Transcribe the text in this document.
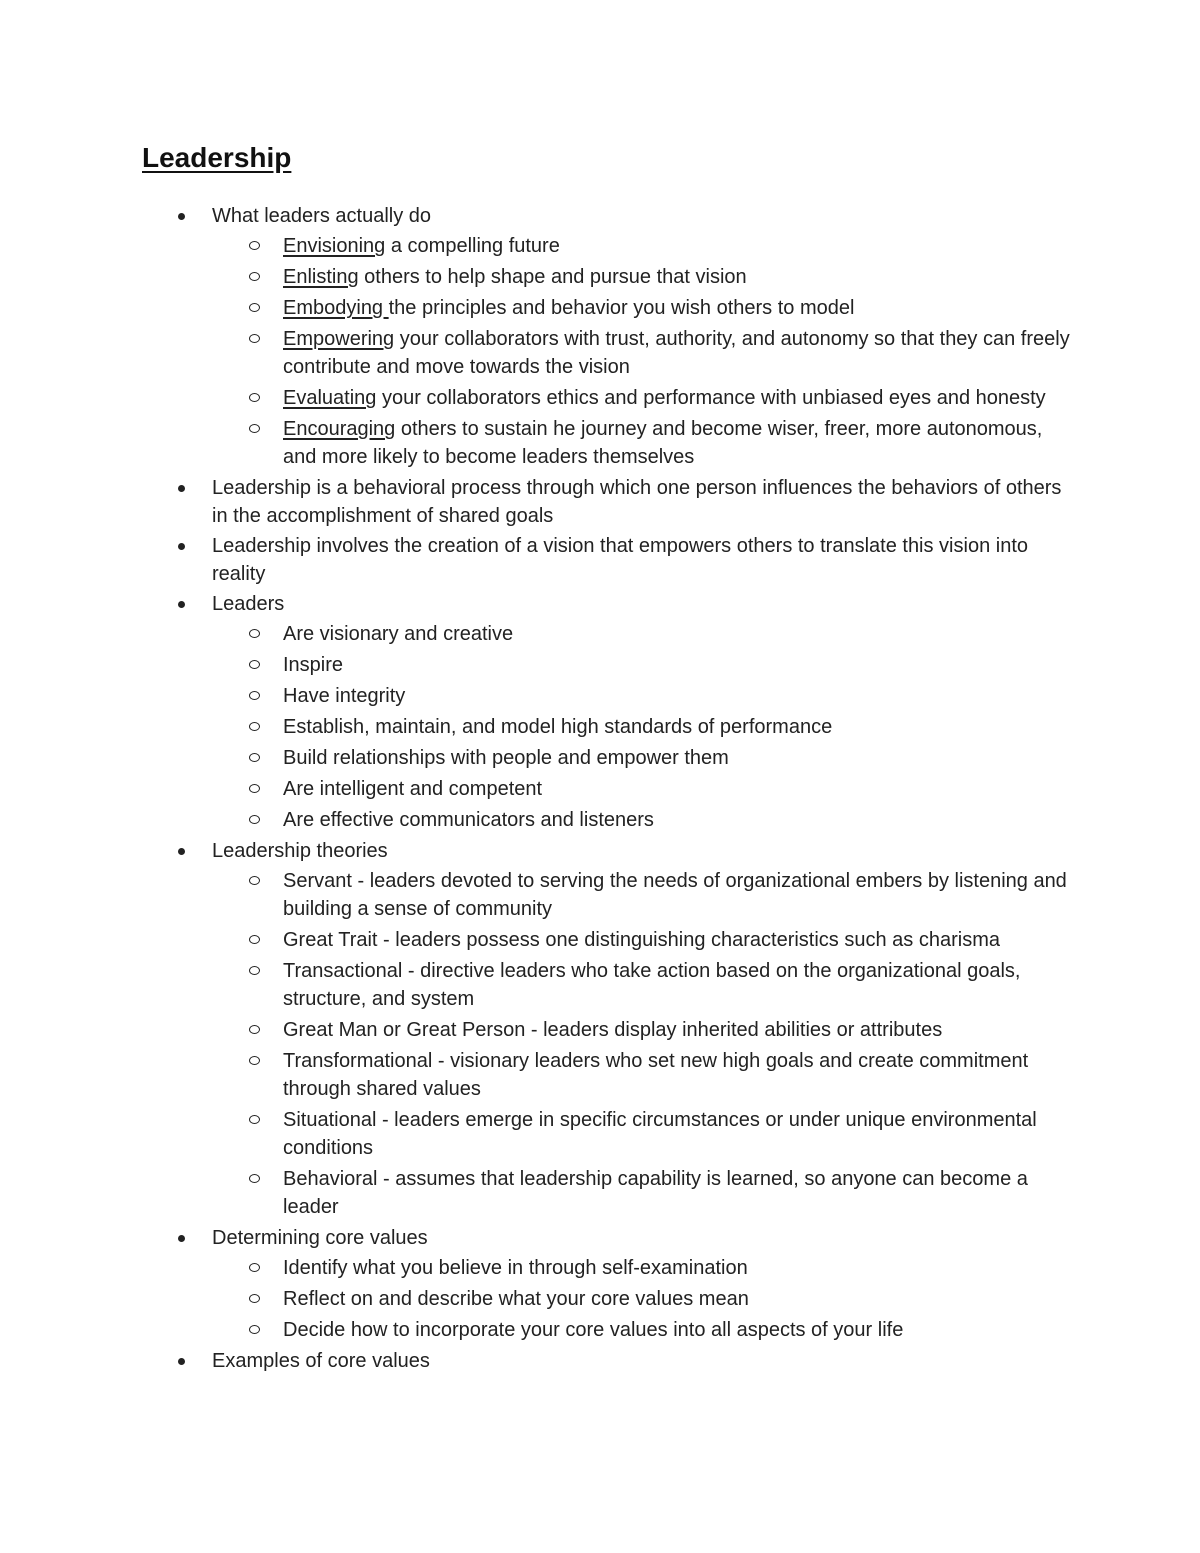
Leadership
What leaders actually do
Envisioning a compelling future
Enlisting others to help shape and pursue that vision
Embodying the principles and behavior you wish others to model
Empowering your collaborators with trust, authority, and autonomy so that they can freely contribute and move towards the vision
Evaluating your collaborators ethics and performance with unbiased eyes and honesty
Encouraging others to sustain he journey and become wiser, freer, more autonomous, and more likely to become leaders themselves
Leadership is a behavioral process through which one person influences the behaviors of others in the accomplishment of shared goals
Leadership involves the creation of a vision that empowers others to translate this vision into reality
Leaders
Are visionary and creative
Inspire
Have integrity
Establish, maintain, and model high standards of performance
Build relationships with people and empower them
Are intelligent and competent
Are effective communicators and listeners
Leadership theories
Servant - leaders devoted to serving the needs of organizational embers by listening and building a sense of community
Great Trait - leaders possess one distinguishing characteristics such as charisma
Transactional - directive leaders who take action based on the organizational goals, structure, and system
Great Man or Great Person - leaders display inherited abilities or attributes
Transformational - visionary leaders who set new high goals and create commitment through shared values
Situational - leaders emerge in specific circumstances or under unique environmental conditions
Behavioral - assumes that leadership capability is learned, so anyone can become a leader
Determining core values
Identify what you believe in through self-examination
Reflect on and describe what your core values mean
Decide how to incorporate your core values into all aspects of your life
Examples of core values
